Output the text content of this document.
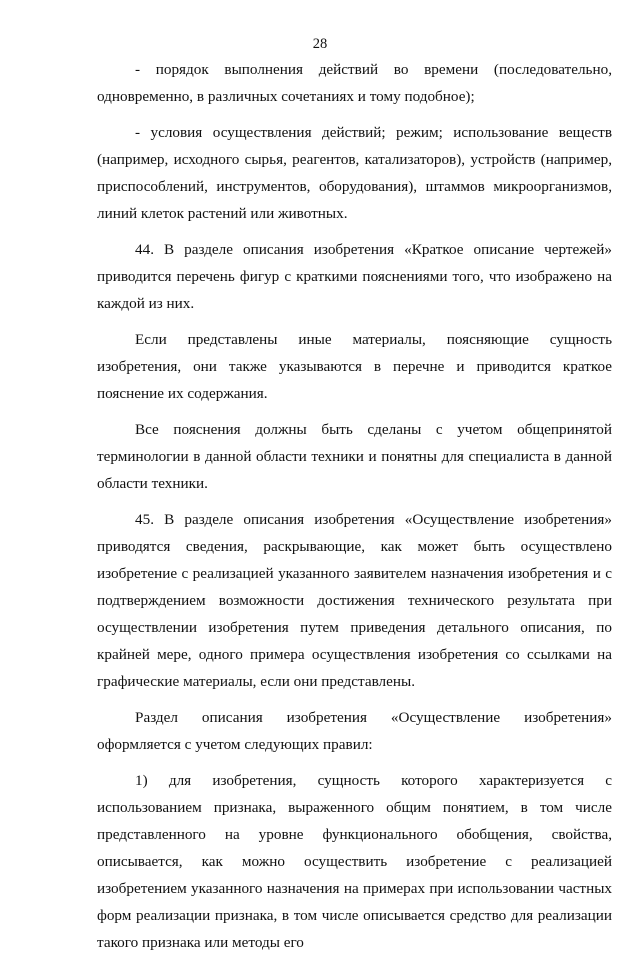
28

- порядок выполнения действий во времени (последовательно, одновременно, в различных сочетаниях и тому подобное);

- условия осуществления действий; режим; использование веществ (например, исходного сырья, реагентов, катализаторов), устройств (например, приспособлений, инструментов, оборудования), штаммов микроорганизмов, линий клеток растений или животных.

44. В разделе описания изобретения «Краткое описание чертежей» приводится перечень фигур с краткими пояснениями того, что изображено на каждой из них.

Если представлены иные материалы, поясняющие сущность изобретения, они также указываются в перечне и приводится краткое пояснение их содержания.

Все пояснения должны быть сделаны с учетом общепринятой терминологии в данной области техники и понятны для специалиста в данной области техники.

45. В разделе описания изобретения «Осуществление изобретения» приводятся сведения, раскрывающие, как может быть осуществлено изобретение с реализацией указанного заявителем назначения изобретения и с подтверждением возможности достижения технического результата при осуществлении изобретения путем приведения детального описания, по крайней мере, одного примера осуществления изобретения со ссылками на графические материалы, если они представлены.

Раздел описания изобретения «Осуществление изобретения» оформляется с учетом следующих правил:

1) для изобретения, сущность которого характеризуется с использованием признака, выраженного общим понятием, в том числе представленного на уровне функционального обобщения, свойства, описывается, как можно осуществить изобретение с реализацией изобретением указанного назначения на примерах при использовании частных форм реализации признака, в том числе описывается средство для реализации такого признака или методы его
